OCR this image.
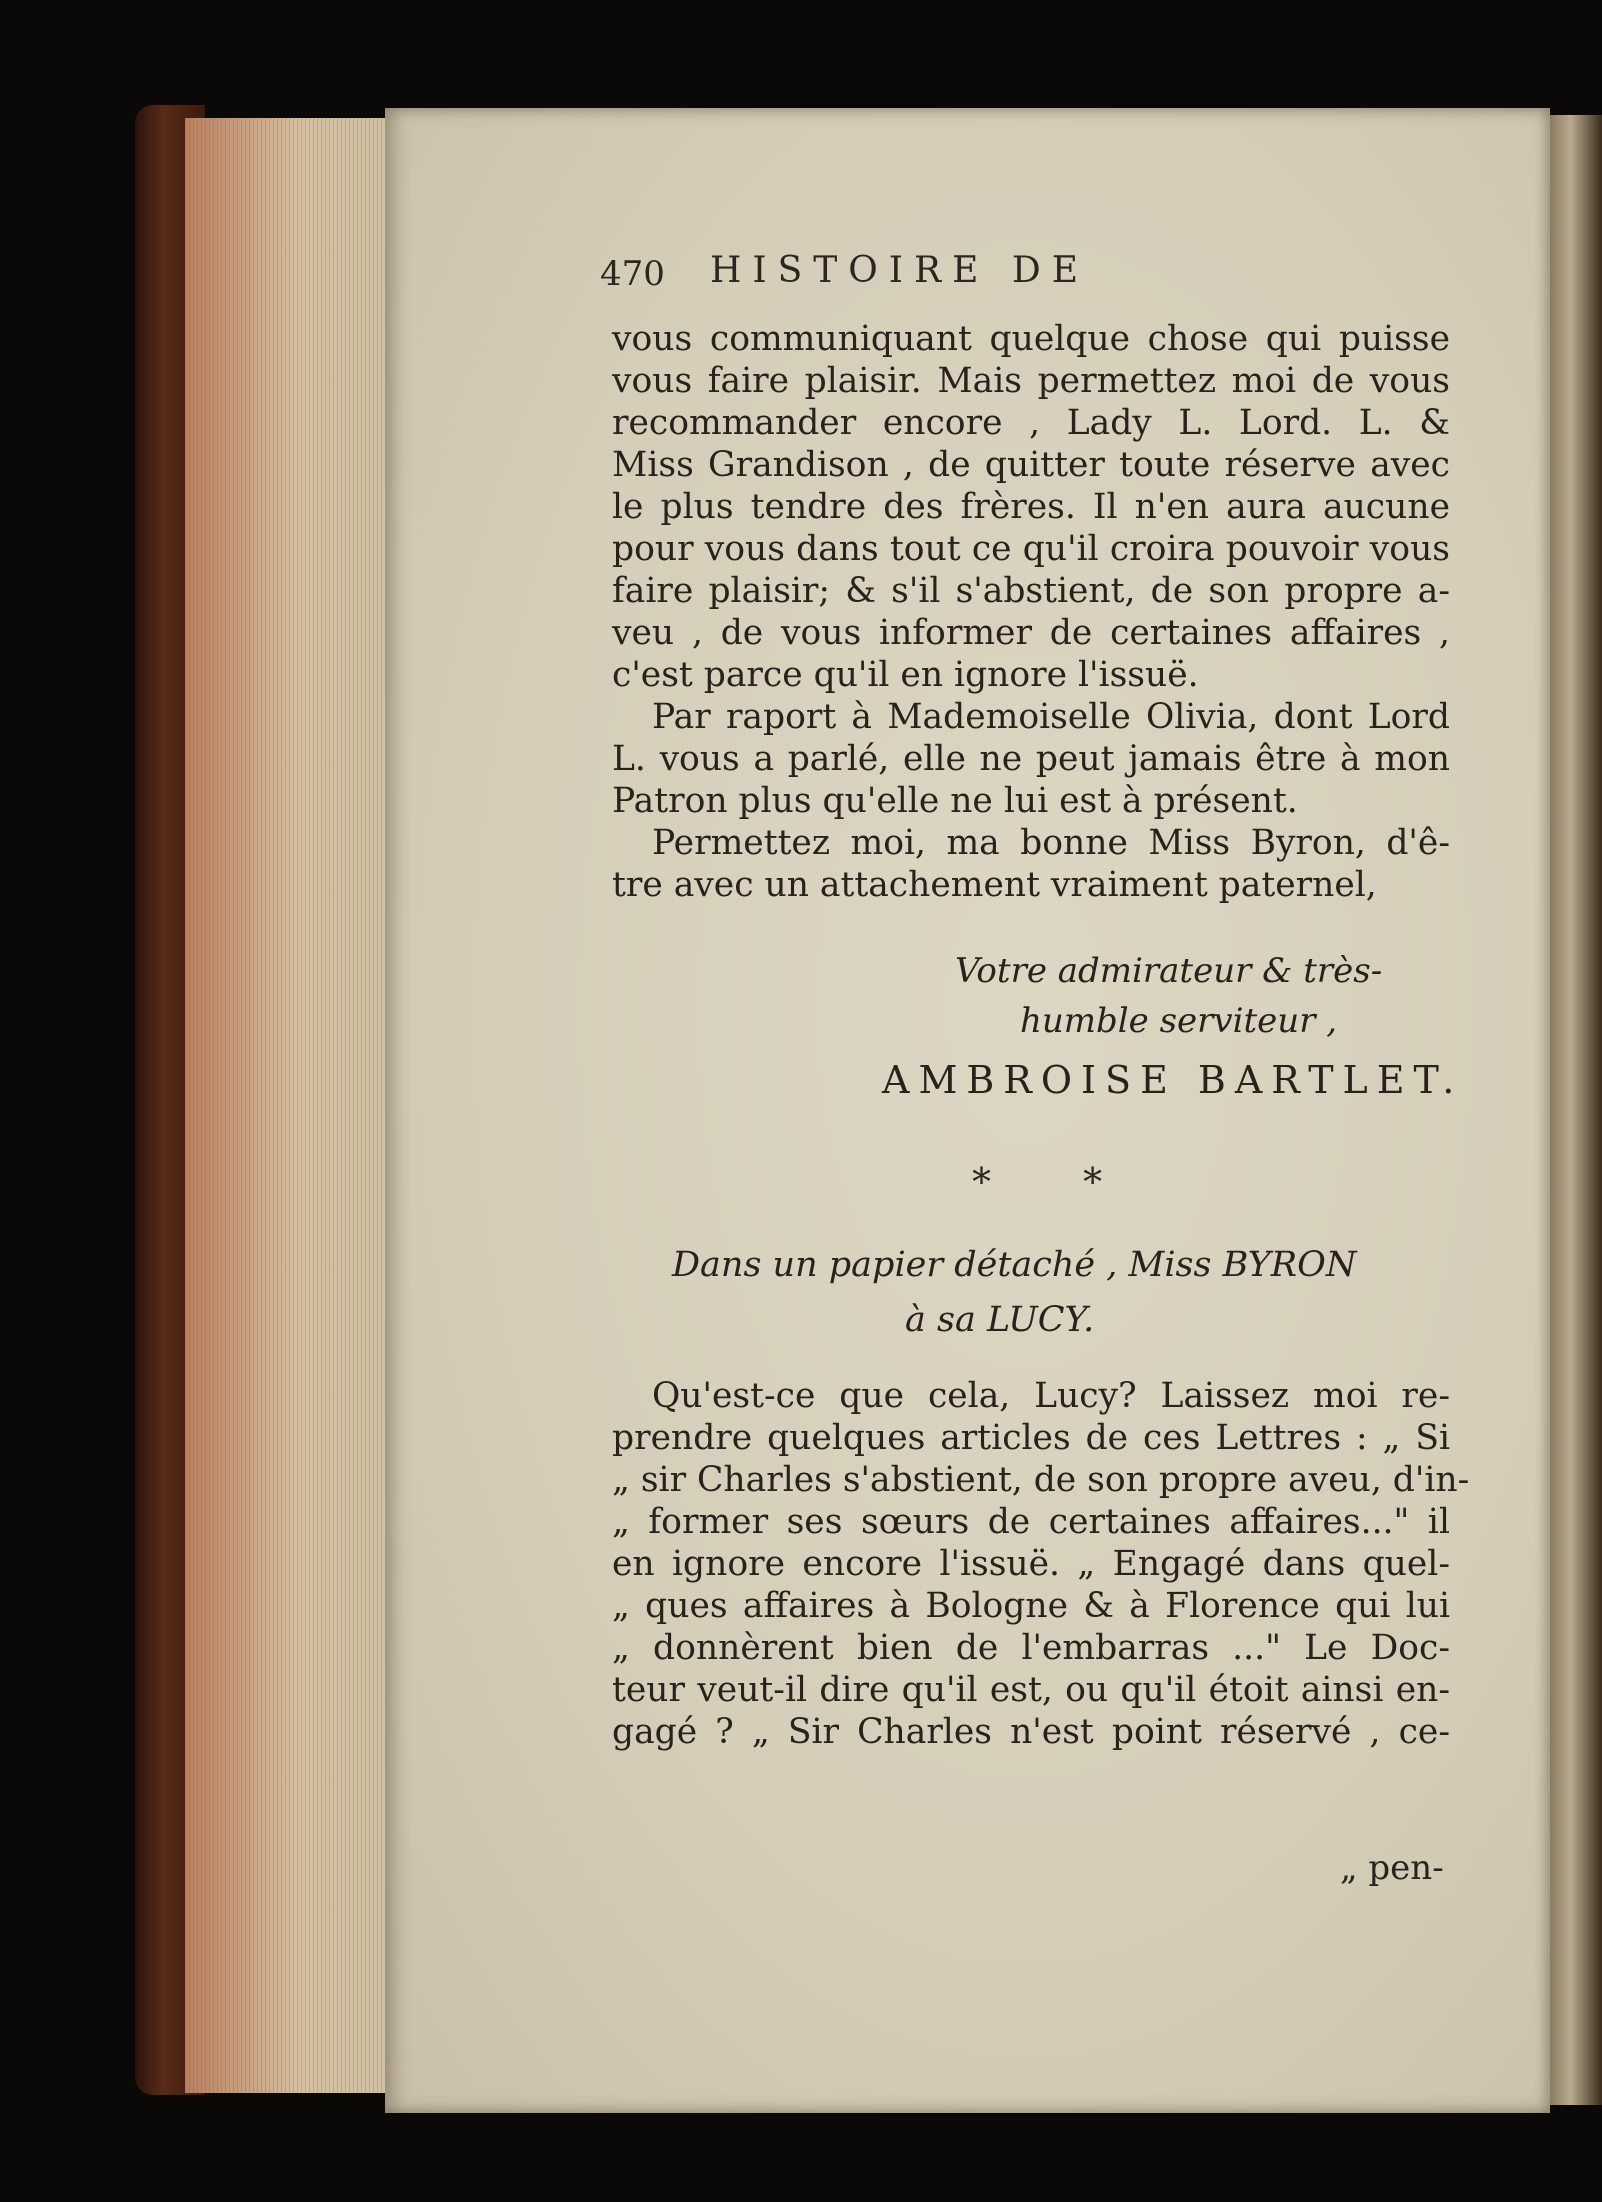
470 HISTOIRE DE
vous communiquant quelque chose qui puisse
vous faire plaisir. Mais permettez moi de vous
recommander encore , Lady L. Lord. L. &
Miss Grandison , de quitter toute réserve avec
le plus tendre des frères. Il n'en aura aucune
pour vous dans tout ce qu'il croira pouvoir vous
faire plaisir; & s'il s'abstient, de son propre a-
veu , de vous informer de certaines affaires ,
c'est parce qu'il en ignore l'issuë.
Par raport à Mademoiselle Olivia, dont Lord
L. vous a parlé, elle ne peut jamais être à mon
Patron plus qu'elle ne lui est à présent.
Permettez moi, ma bonne Miss Byron, d'ê-
tre avec un attachement vraiment paternel,
Votre admirateur & très-
humble serviteur ,
AMBROISE BARTLET.
* *
Dans un papier détaché , Miss BYRON
à sa LUCY.
Qu'est-ce que cela, Lucy? Laissez moi re-
prendre quelques articles de ces Lettres : „ Si
„ sir Charles s'abstient, de son propre aveu, d'in-
„ former ses sœurs de certaines affaires..." il
en ignore encore l'issuë. „ Engagé dans quel-
„ ques affaires à Bologne & à Florence qui lui
„ donnèrent bien de l'embarras ..." Le Doc-
teur veut-il dire qu'il est, ou qu'il étoit ainsi en-
gagé ? „ Sir Charles n'est point réservé , ce-
„ pen-
